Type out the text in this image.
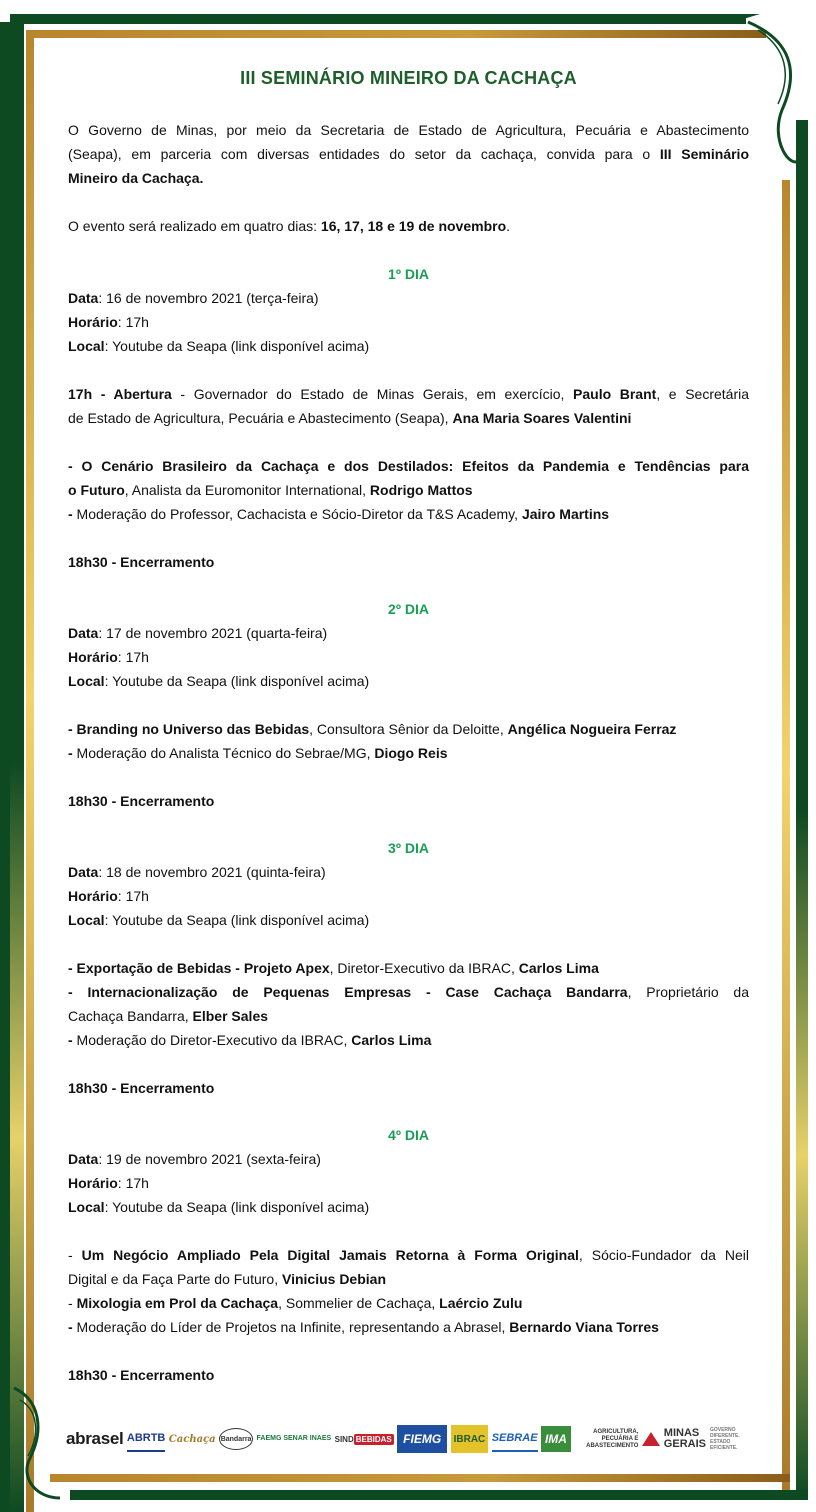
III SEMINÁRIO MINEIRO DA CACHAÇA
O Governo de Minas, por meio da Secretaria de Estado de Agricultura, Pecuária e Abastecimento
(Seapa), em parceria com diversas entidades do setor da cachaça, convida para o III Seminário
Mineiro da Cachaça.
O evento será realizado em quatro dias: 16, 17, 18 e 19 de novembro.
1º DIA
Data: 16 de novembro 2021 (terça-feira)
Horário: 17h
Local: Youtube da Seapa (link disponível acima)
17h - Abertura - Governador do Estado de Minas Gerais, em exercício, Paulo Brant, e Secretária
de Estado de Agricultura, Pecuária e Abastecimento (Seapa), Ana Maria Soares Valentini
- O Cenário Brasileiro da Cachaça e dos Destilados: Efeitos da Pandemia e Tendências para
o Futuro, Analista da Euromonitor International, Rodrigo Mattos
- Moderação do Professor, Cachacista e Sócio-Diretor da T&S Academy, Jairo Martins
18h30 - Encerramento
2º DIA
Data: 17 de novembro 2021 (quarta-feira)
Horário: 17h
Local: Youtube da Seapa (link disponível acima)
- Branding no Universo das Bebidas, Consultora Sênior da Deloitte, Angélica Nogueira Ferraz
- Moderação do Analista Técnico do Sebrae/MG, Diogo Reis
18h30 - Encerramento
3º DIA
Data: 18 de novembro 2021 (quinta-feira)
Horário: 17h
Local: Youtube da Seapa (link disponível acima)
- Exportação de Bebidas - Projeto Apex, Diretor-Executivo da IBRAC, Carlos Lima
- Internacionalização de Pequenas Empresas - Case Cachaça Bandarra, Proprietário da
Cachaça Bandarra, Elber Sales
- Moderação do Diretor-Executivo da IBRAC, Carlos Lima
18h30 - Encerramento
4º DIA
Data: 19 de novembro 2021 (sexta-feira)
Horário: 17h
Local: Youtube da Seapa (link disponível acima)
- Um Negócio Ampliado Pela Digital Jamais Retorna à Forma Original, Sócio-Fundador da Neil
Digital e da Faça Parte do Futuro, Vinicius Debian
- Mixologia em Prol da Cachaça, Sommelier de Cachaça, Laércio Zulu
- Moderação do Líder de Projetos na Infinite, representando a Abrasel, Bernardo Viana Torres
18h30 - Encerramento
abrasel ABRTB Cachaça Bandarra FAEMG SENAR INAES SIND BEBIDAS FIEMG	IBRAC SEBRAE IMA
AGRICULTURA, PECUÁRIA E ABASTECIMENTO
MINAS
GERAIS
GOVERNO DIFERENTE. ESTADO EFICIENTE.
